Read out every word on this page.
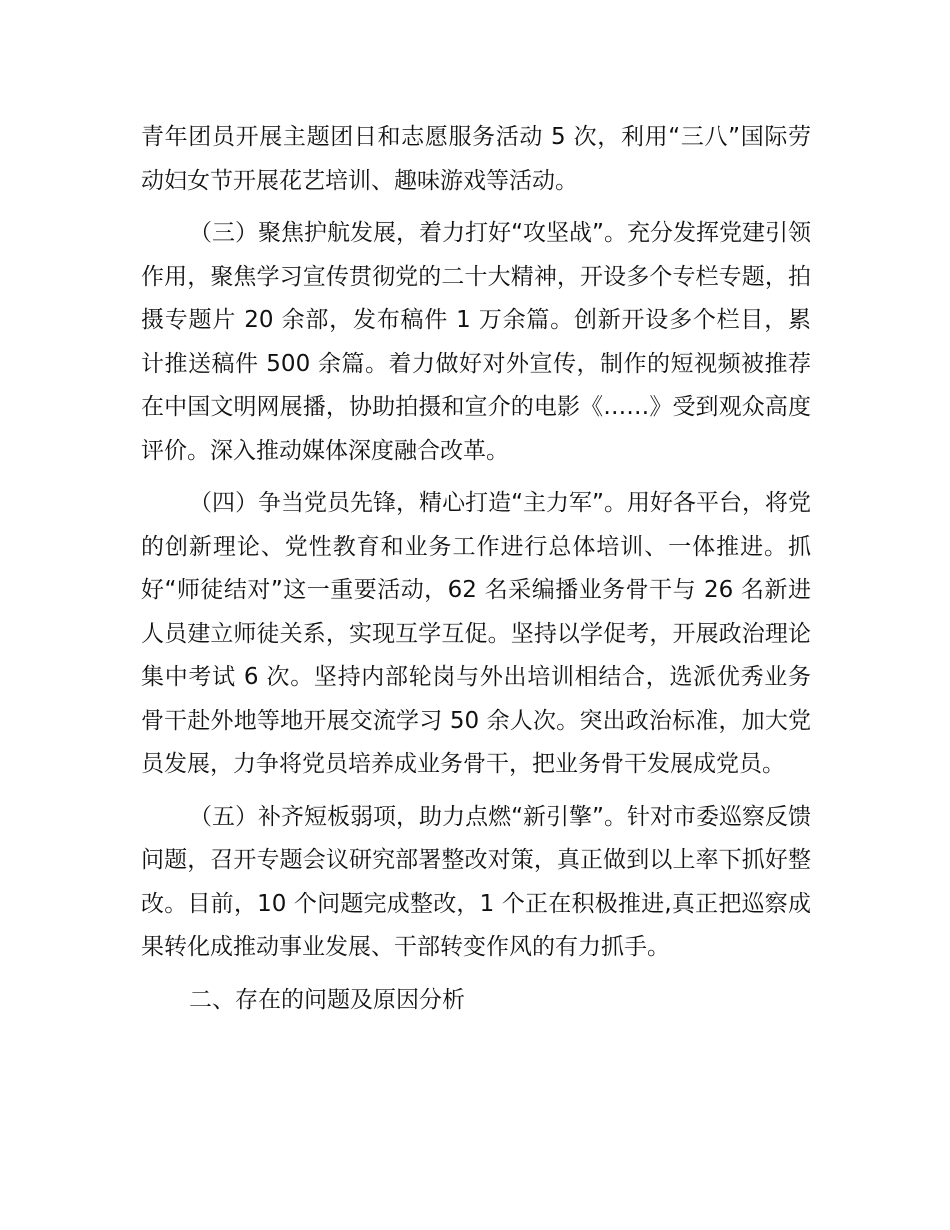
青年团员开展主题团日和志愿服务活动 5 次，利用“三八”国际劳动妇女节开展花艺培训、趣味游戏等活动。

（三）聚焦护航发展，着力打好“攻坚战”。充分发挥党建引领作用，聚焦学习宣传贯彻党的二十大精神，开设多个专栏专题，拍摄专题片 20 余部，发布稿件 1 万余篇。创新开设多个栏目，累计推送稿件 500 余篇。着力做好对外宣传，制作的短视频被推荐在中国文明网展播，协助拍摄和宣介的电影《……》受到观众高度评价。深入推动媒体深度融合改革。

（四）争当党员先锋，精心打造“主力军”。用好各平台，将党的创新理论、党性教育和业务工作进行总体培训、一体推进。抓好“师徒结对”这一重要活动，62 名采编播业务骨干与 26 名新进人员建立师徒关系，实现互学互促。坚持以学促考，开展政治理论集中考试 6 次。坚持内部轮岗与外出培训相结合，选派优秀业务骨干赴外地等地开展交流学习 50 余人次。突出政治标准，加大党员发展，力争将党员培养成业务骨干，把业务骨干发展成党员。

（五）补齐短板弱项，助力点燃“新引擎”。针对市委巡察反馈问题，召开专题会议研究部署整改对策，真正做到以上率下抓好整改。目前，10 个问题完成整改，1 个正在积极推进,真正把巡察成果转化成推动事业发展、干部转变作风的有力抓手。

二、存在的问题及原因分析
